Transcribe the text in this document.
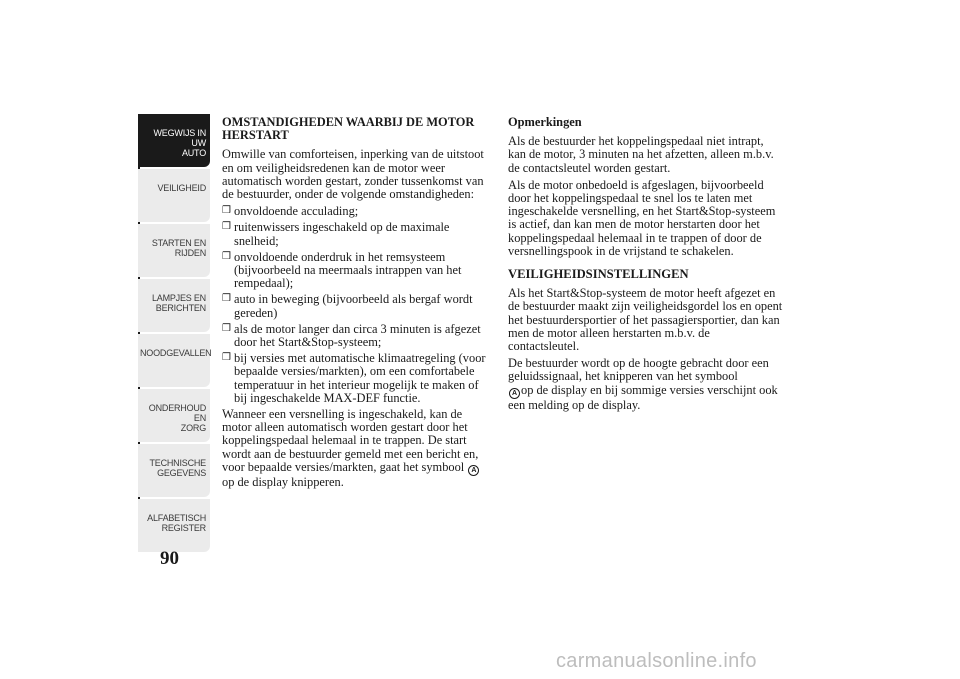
WEGWIJS IN UW
AUTO
VEILIGHEID
STARTEN EN
RIJDEN
LAMPJES EN
BERICHTEN
NOODGEVALLEN
ONDERHOUD EN
ZORG
TECHNISCHE
GEGEVENS
ALFABETISCH
REGISTER
90
OMSTANDIGHEDEN WAARBIJ DE MOTOR HERSTART

Omwille van comforteisen, inperking van de uitstoot en om veiligheidsredenen kan de motor weer automatisch worden gestart, zonder tussenkomst van de bestuurder, onder de volgende omstandigheden:

❒ onvoldoende acculading;
❒ ruitenwissers ingeschakeld op de maximale snelheid;
❒ onvoldoende onderdruk in het remsysteem (bijvoorbeeld na meermaals intrappen van het rempedaal);
❒ auto in beweging (bijvoorbeeld als bergaf wordt gereden)
❒ als de motor langer dan circa 3 minuten is afgezet door het Start&Stop-systeem;
❒ bij versies met automatische klimaatregeling (voor bepaalde versies/markten), om een comfortabele temperatuur in het interieur mogelijk te maken of bij ingeschakelde MAX-DEF functie.

Wanneer een versnelling is ingeschakeld, kan de motor alleen automatisch worden gestart door het koppelingspedaal helemaal in te trappen. De start wordt aan de bestuurder gemeld met een bericht en, voor bepaalde versies/markten, gaat het symbool Aop de display knipperen.

Opmerkingen

Als de bestuurder het koppelingspedaal niet intrapt, kan de motor, 3 minuten na het afzetten, alleen m.b.v. de contactsleutel worden gestart.

Als de motor onbedoeld is afgeslagen, bijvoorbeeld door het koppelingspedaal te snel los te laten met ingeschakelde versnelling, en het Start&Stop-systeem is actief, dan kan men de motor herstarten door het koppelingspedaal helemaal in te trappen of door de versnellingspook in de vrijstand te schakelen.

VEILIGHEIDSINSTELLINGEN

Als het Start&Stop-systeem de motor heeft afgezet en de bestuurder maakt zijn veiligheidsgordel los en opent het bestuurdersportier of het passagiersportier, dan kan men de motor alleen herstarten m.b.v. de contactsleutel.

De bestuurder wordt op de hoogte gebracht door een geluidssignaal, het knipperen van het symbool
A op de display en bij sommige versies verschijnt ook een melding op de display.

carmanualsonline.info
